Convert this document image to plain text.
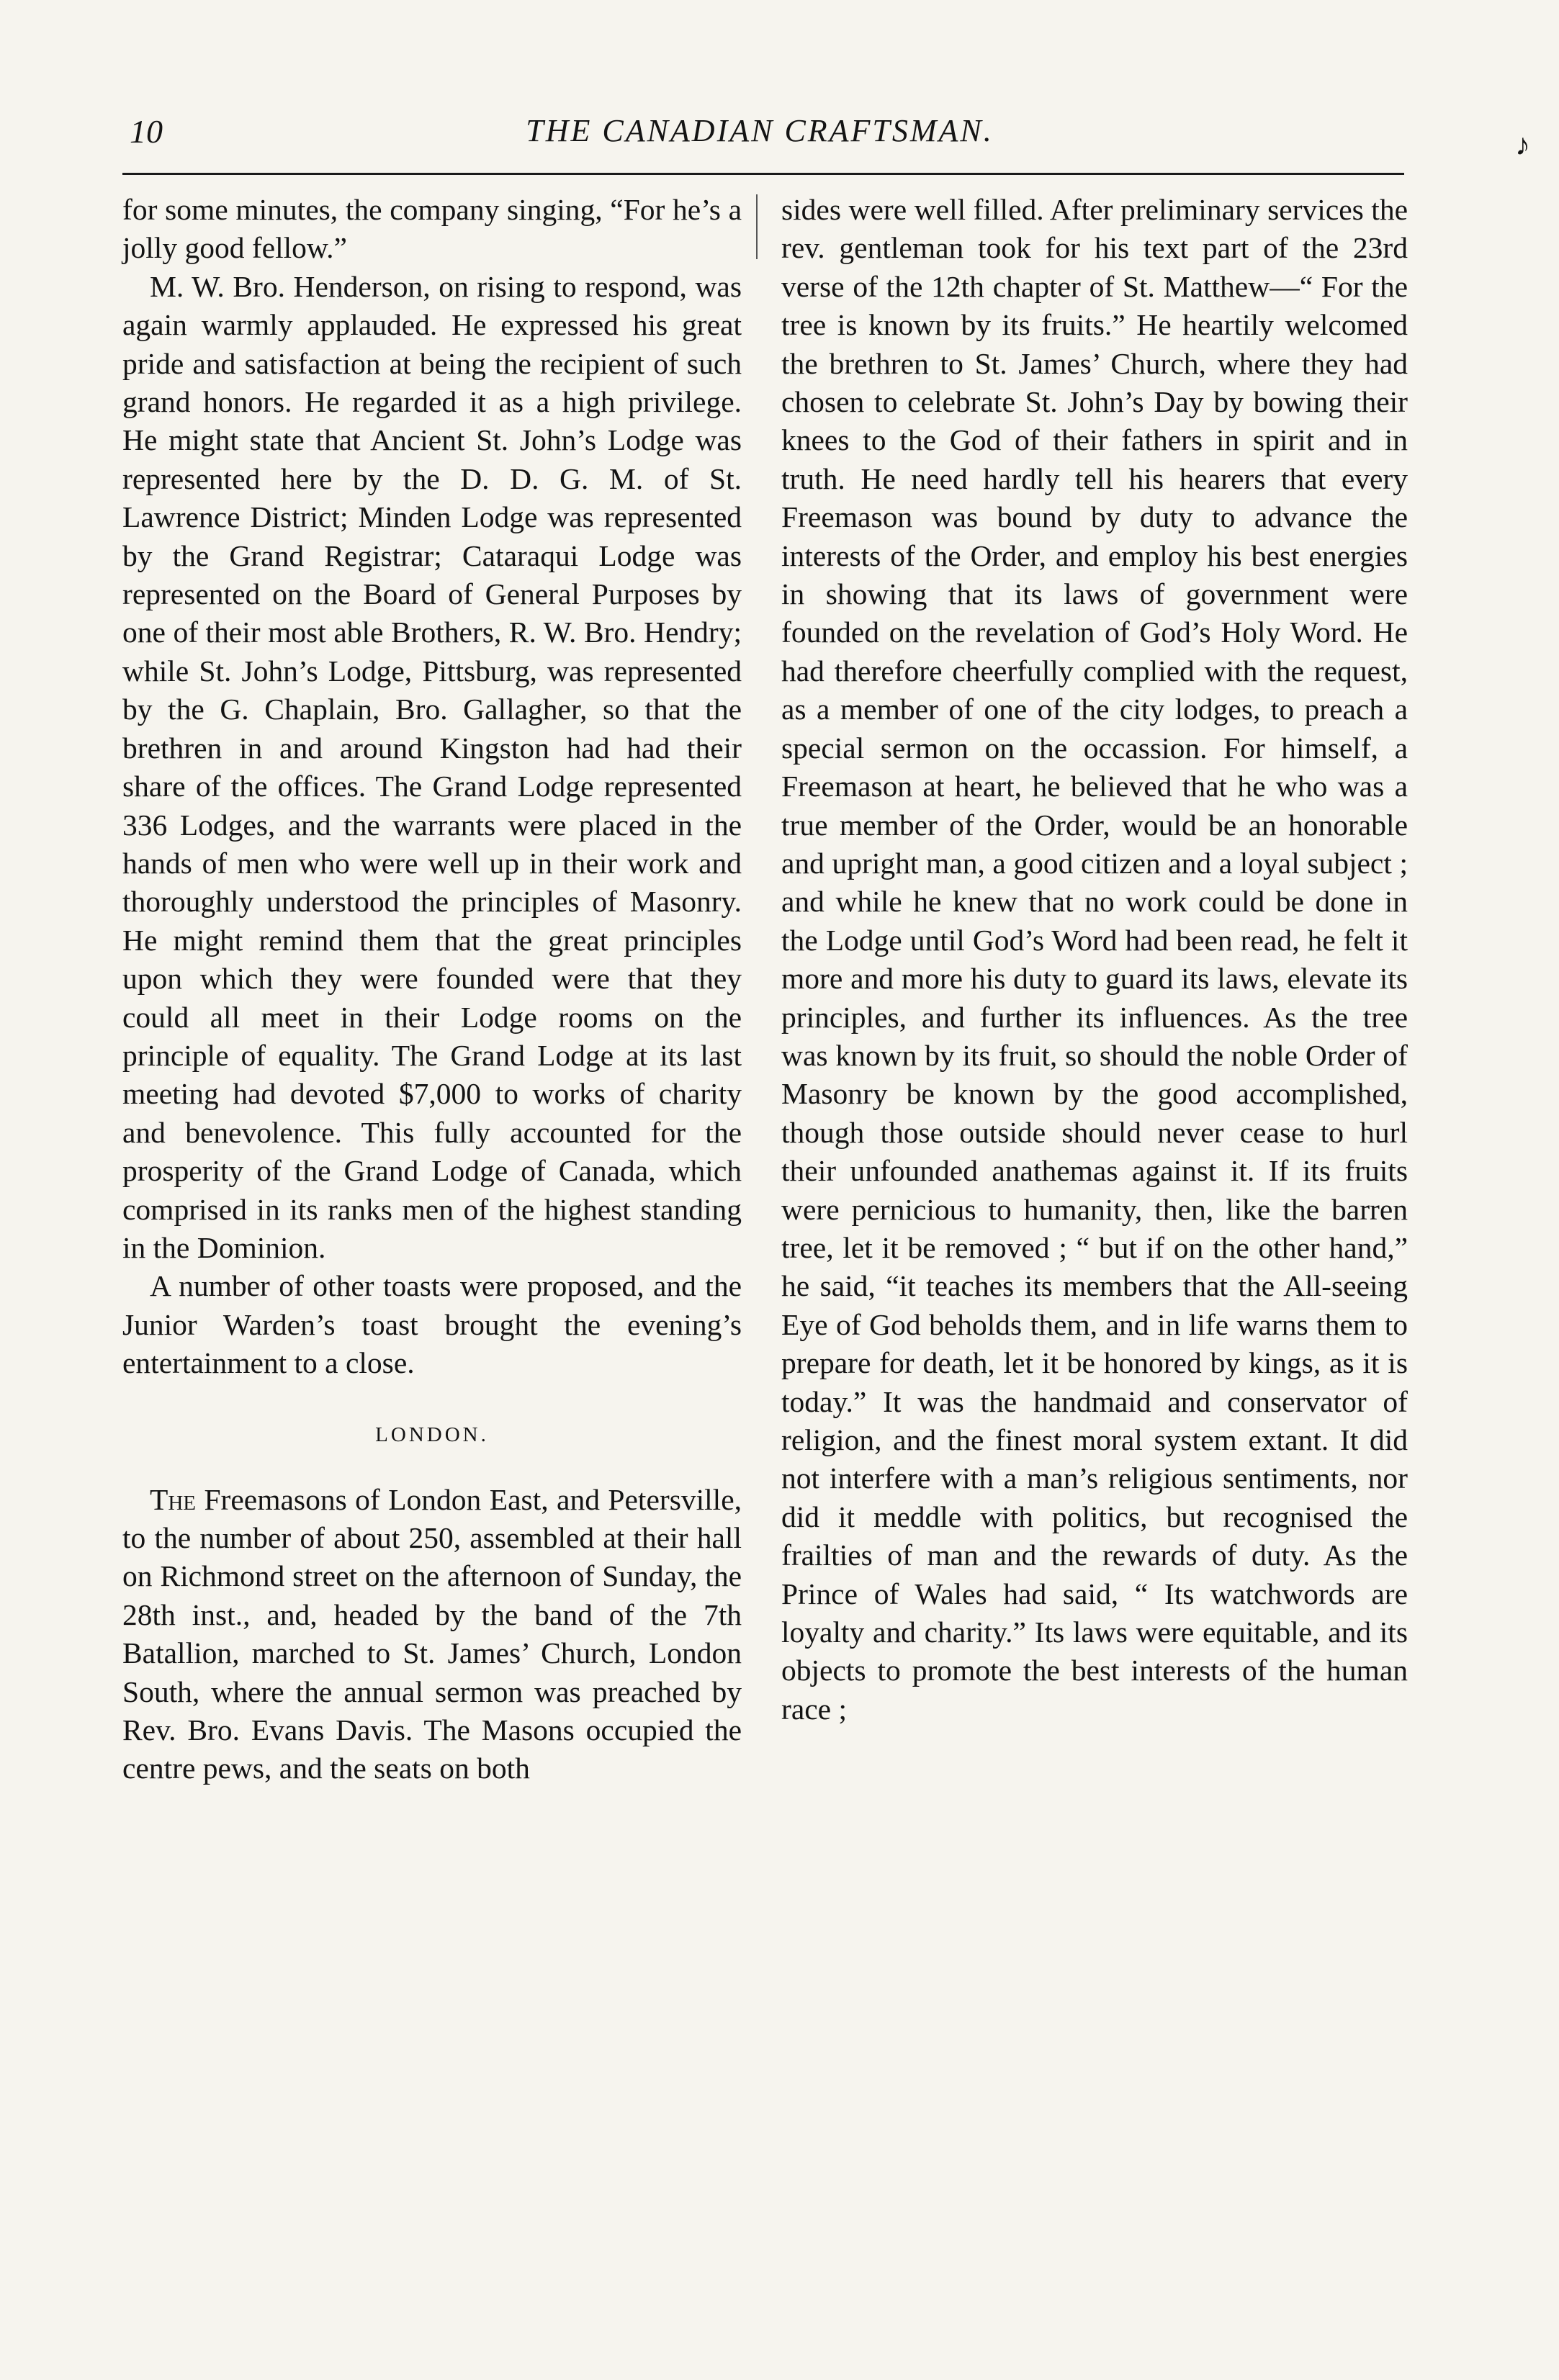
10	THE CANADIAN CRAFTSMAN.	♪

for some minutes, the company singing, “For he’s a jolly good fellow.”

M. W. Bro. Henderson, on rising to respond, was again warmly applauded. He expressed his great pride and satisfaction at being the recipient of such grand honors. He regarded it as a high privilege. He might state that Ancient St. John’s Lodge was represented here by the D. D. G. M. of St. Lawrence District; Minden Lodge was represented by the Grand Registrar; Cataraqui Lodge was represented on the Board of General Purposes by one of their most able Brothers, R. W. Bro. Hendry; while St. John’s Lodge, Pittsburg, was represented by the G. Chaplain, Bro. Gallagher, so that the brethren in and around Kingston had had their share of the offices. The Grand Lodge represented 336 Lodges, and the warrants were placed in the hands of men who were well up in their work and thoroughly understood the principles of Masonry. He might remind them that the great principles upon which they were founded were that they could all meet in their Lodge rooms on the principle of equality. The Grand Lodge at its last meeting had devoted $7,000 to works of charity and benevolence. This fully accounted for the prosperity of the Grand Lodge of Canada, which comprised in its ranks men of the highest standing in the Dominion.

A number of other toasts were proposed, and the Junior Warden’s toast brought the evening’s entertainment to a close.

LONDON.

The Freemasons of London East, and Petersville, to the number of about 250, assembled at their hall on Richmond street on the afternoon of Sunday, the 28th inst., and, headed by the band of the 7th Batallion, marched to St. James’ Church, London South, where the annual sermon was preached by Rev. Bro. Evans Davis. The Masons occupied the centre pews, and the seats on both

sides were well filled. After preliminary services the rev. gentleman took for his text part of the 23rd verse of the 12th chapter of St. Matthew—“ For the tree is known by its fruits.” He heartily welcomed the brethren to St. James’ Church, where they had chosen to celebrate St. John’s Day by bowing their knees to the God of their fathers in spirit and in truth. He need hardly tell his hearers that every Freemason was bound by duty to advance the interests of the Order, and employ his best energies in showing that its laws of government were founded on the revelation of God’s Holy Word. He had therefore cheerfully complied with the request, as a member of one of the city lodges, to preach a special sermon on the occassion. For himself, a Freemason at heart, he believed that he who was a true member of the Order, would be an honorable and upright man, a good citizen and a loyal subject ; and while he knew that no work could be done in the Lodge until God’s Word had been read, he felt it more and more his duty to guard its laws, elevate its principles, and further its influences. As the tree was known by its fruit, so should the noble Order of Masonry be known by the good accomplished, though those outside should never cease to hurl their unfounded anathemas against it. If its fruits were pernicious to humanity, then, like the barren tree, let it be removed ; “ but if on the other hand,” he said, “it teaches its members that the All-seeing Eye of God beholds them, and in life warns them to prepare for death, let it be honored by kings, as it is today.” It was the handmaid and conservator of religion, and the finest moral system extant. It did not interfere with a man’s religious sentiments, nor did it meddle with politics, but recognised the frailties of man and the rewards of duty. As the Prince of Wales had said, “ Its watchwords are loyalty and charity.” Its laws were equitable, and its objects to promote the best interests of the human race ;
